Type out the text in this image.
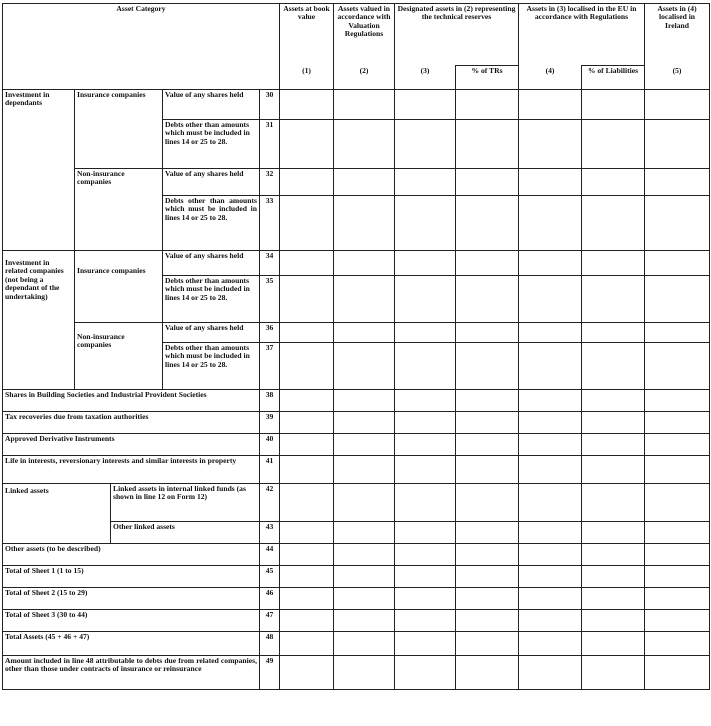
Asset Category					Assets at book value	Assets valued in accordance with Valuation Regulations	Designated assets in (2) representing the technical reserves		Assets in (3) localised in the EU in accordance with Regulations		Assets in (4) localised in Ireland
					(1)	(2)	(3)	% of TRs	(4)	% of Liabilities	(5)
Investment in dependants	Insurance companies		Value of any shares held	30							
			Debts other than amounts which must be included in lines 14 or 25 to 28.	31							
	Non-insurance companies		Value of any shares held	32							
			Debts other than amounts which must be included in lines 14 or 25 to 28.	33							
Investment in related companies (not being a dependant of the undertaking)	Insurance companies		Value of any shares held	34							
			Debts other than amounts which must be included in lines 14 or 25 to 28.	35							
	Non-insurance companies		Value of any shares held	36							
			Debts other than amounts which must be included in lines 14 or 25 to 28.	37							
Shares in Building Societies and Industrial Provident Societies				38							
Tax recoveries due from taxation authorities				39							
Approved Derivative Instruments				40							
Life in interests, reversionary interests and similar interests in property				41							
Linked assets		Linked assets in internal linked funds (as shown in line 12 on Form 12)		42							
		Other linked assets		43							
Other assets (to be described)				44							
Total of Sheet 1 (1 to 15)				45							
Total of Sheet 2 (15 to 29)				46							
Total of Sheet 3 (30 to 44)				47							
Total Assets (45 + 46 + 47)				48							
Amount included in line 48 attributable to debts due from related companies, other than those under contracts of insurance or reinsurance				49							
